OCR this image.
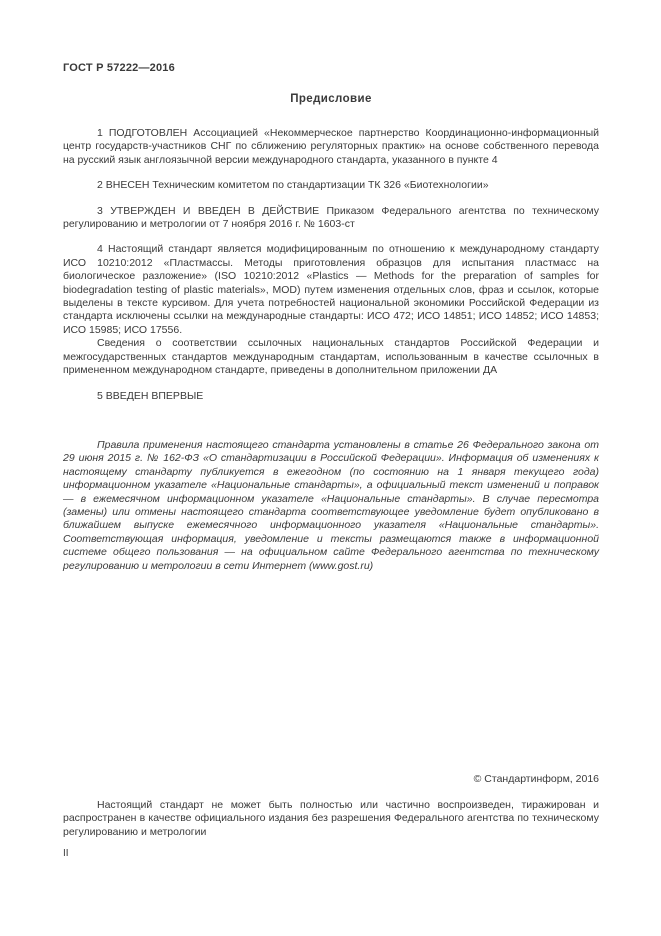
ГОСТ Р 57222—2016
Предисловие

1 ПОДГОТОВЛЕН Ассоциацией «Некоммерческое партнерство Координационно-информационный центр государств-участников СНГ по сближению регуляторных практик» на основе собственного перевода на русский язык англоязычной версии международного стандарта, указанного в пункте 4

2 ВНЕСЕН Техническим комитетом по стандартизации ТК 326 «Биотехнологии»

3 УТВЕРЖДЕН И ВВЕДЕН В ДЕЙСТВИЕ Приказом Федерального агентства по техническому регулированию и метрологии от 7 ноября 2016 г. № 1603-ст

4 Настоящий стандарт является модифицированным по отношению к международному стандарту ИСО 10210:2012 «Пластмассы. Методы приготовления образцов для испытания пластмасс на биологическое разложение» (ISO 10210:2012 «Plastics — Methods for the preparation of samples for biodegradation testing of plastic materials», MOD) путем изменения отдельных слов, фраз и ссылок, которые выделены в тексте курсивом. Для учета потребностей национальной экономики Российской Федерации из стандарта исключены ссылки на международные стандарты: ИСО 472; ИСО 14851; ИСО 14852; ИСО 14853; ИСО 15985; ИСО 17556.

Сведения о соответствии ссылочных национальных стандартов Российской Федерации и межгосударственных стандартов международным стандартам, использованным в качестве ссылочных в примененном международном стандарте, приведены в дополнительном приложении ДА

5 ВВЕДЕН ВПЕРВЫЕ

Правила применения настоящего стандарта установлены в статье 26 Федерального закона от 29 июня 2015 г. № 162-ФЗ «О стандартизации в Российской Федерации». Информация об изменениях к настоящему стандарту публикуется в ежегодном (по состоянию на 1 января текущего года) информационном указателе «Национальные стандарты», а официальный текст изменений и поправок — в ежемесячном информационном указателе «Национальные стандарты». В случае пересмотра (замены) или отмены настоящего стандарта соответствующее уведомление будет опубликовано в ближайшем выпуске ежемесячного информационного указателя «Национальные стандарты». Соответствующая информация, уведомление и тексты размещаются также в информационной системе общего пользования — на официальном сайте Федерального агентства по техническому регулированию и метрологии в сети Интернет (www.gost.ru)

© Стандартинформ, 2016

Настоящий стандарт не может быть полностью или частично воспроизведен, тиражирован и распространен в качестве официального издания без разрешения Федерального агентства по техническому регулированию и метрологии

II
